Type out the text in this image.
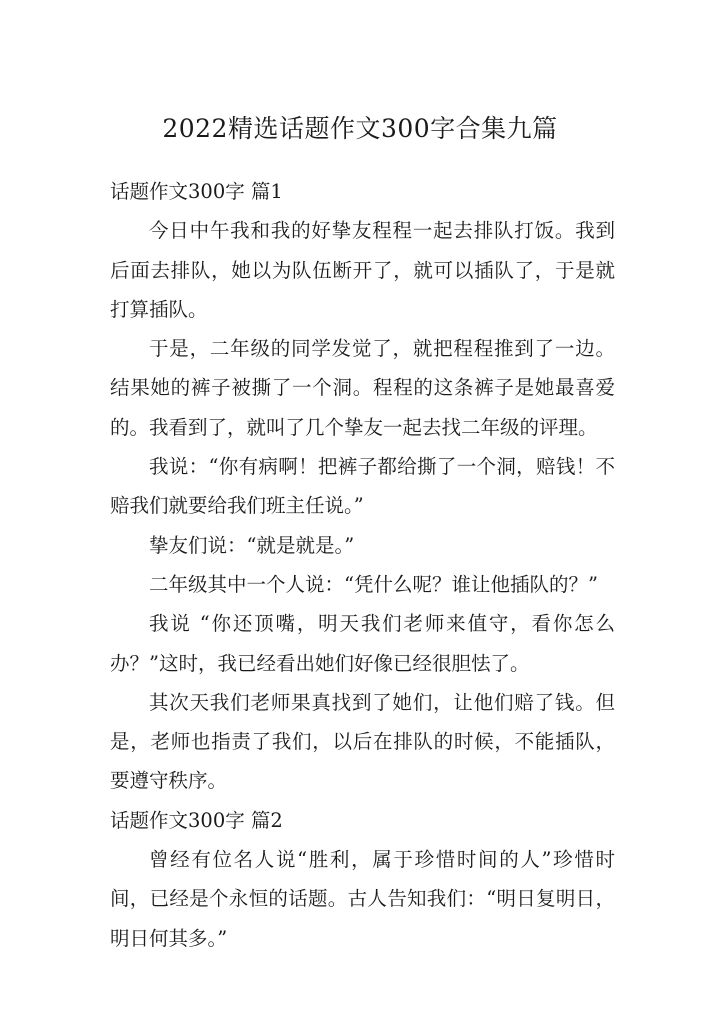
2022精选话题作文300字合集九篇

话题作文300字 篇1

今日中午我和我的好挚友程程一起去排队打饭。我到后面去排队，她以为队伍断开了，就可以插队了，于是就打算插队。

于是，二年级的同学发觉了，就把程程推到了一边。结果她的裤子被撕了一个洞。程程的这条裤子是她最喜爱的。我看到了，就叫了几个挚友一起去找二年级的评理。

我说：“你有病啊！把裤子都给撕了一个洞，赔钱！不赔我们就要给我们班主任说。”

挚友们说：“就是就是。”

二年级其中一个人说：“凭什么呢？谁让他插队的？”

我说 “你还顶嘴，明天我们老师来值守，看你怎么办？”这时，我已经看出她们好像已经很胆怯了。

其次天我们老师果真找到了她们，让他们赔了钱。但是，老师也指责了我们，以后在排队的时候，不能插队，要遵守秩序。

话题作文300字 篇2

曾经有位名人说“胜利，属于珍惜时间的人”珍惜时间，已经是个永恒的话题。古人告知我们：“明日复明日，明日何其多。”
